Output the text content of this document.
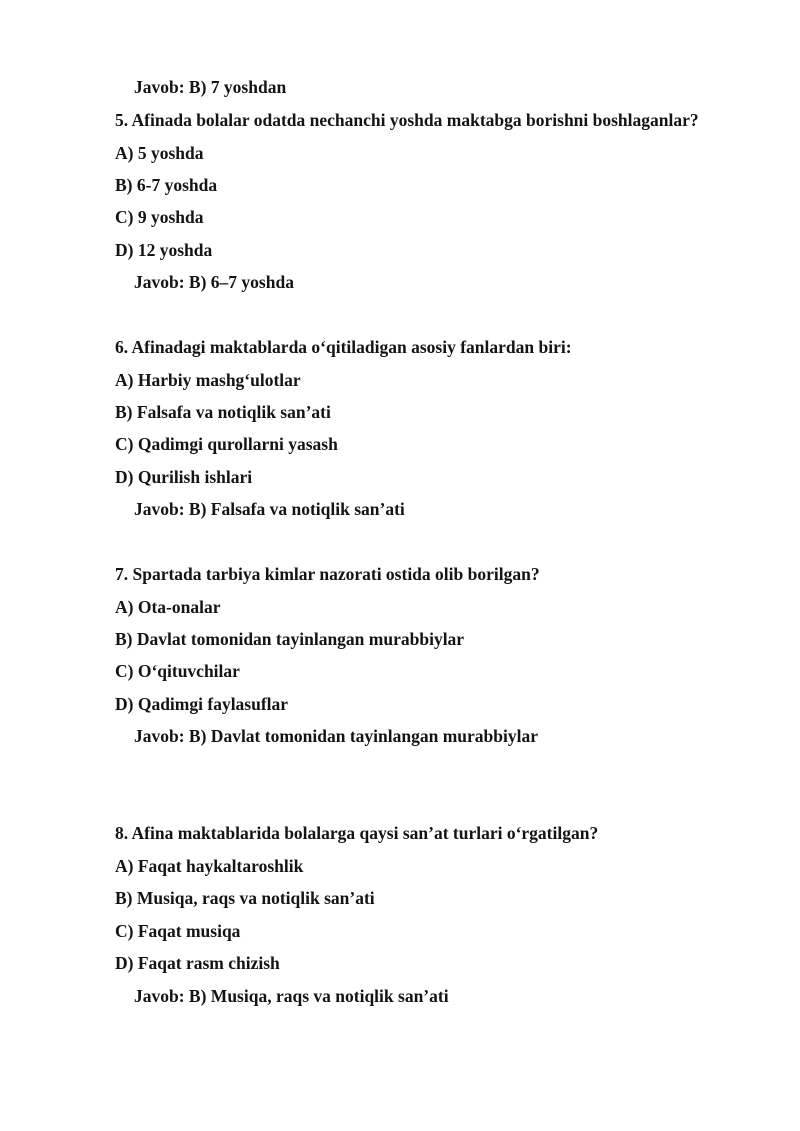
Javob: B) 7 yoshdan

5. Afinada bolalar odatda nechanchi yoshda maktabga borishni boshlaganlar?

A) 5 yoshda

B) 6-7 yoshda

C) 9 yoshda

D) 12 yoshda

Javob: B) 6–7 yoshda

6. Afinadagi maktablarda o‘qitiladigan asosiy fanlardan biri:

A) Harbiy mashg‘ulotlar

B) Falsafa va notiqlik san’ati

C) Qadimgi qurollarni yasash

D) Qurilish ishlari

Javob: B) Falsafa va notiqlik san’ati

7. Spartada tarbiya kimlar nazorati ostida olib borilgan?

A) Ota-onalar

B) Davlat tomonidan tayinlangan murabbiylar

C) O‘qituvchilar

D) Qadimgi faylasuflar

Javob: B) Davlat tomonidan tayinlangan murabbiylar

8. Afina maktablarida bolalarga qaysi san’at turlari o‘rgatilgan?

A) Faqat haykaltaroshlik

B) Musiqa, raqs va notiqlik san’ati

C) Faqat musiqa

D) Faqat rasm chizish

Javob: B) Musiqa, raqs va notiqlik san’ati
